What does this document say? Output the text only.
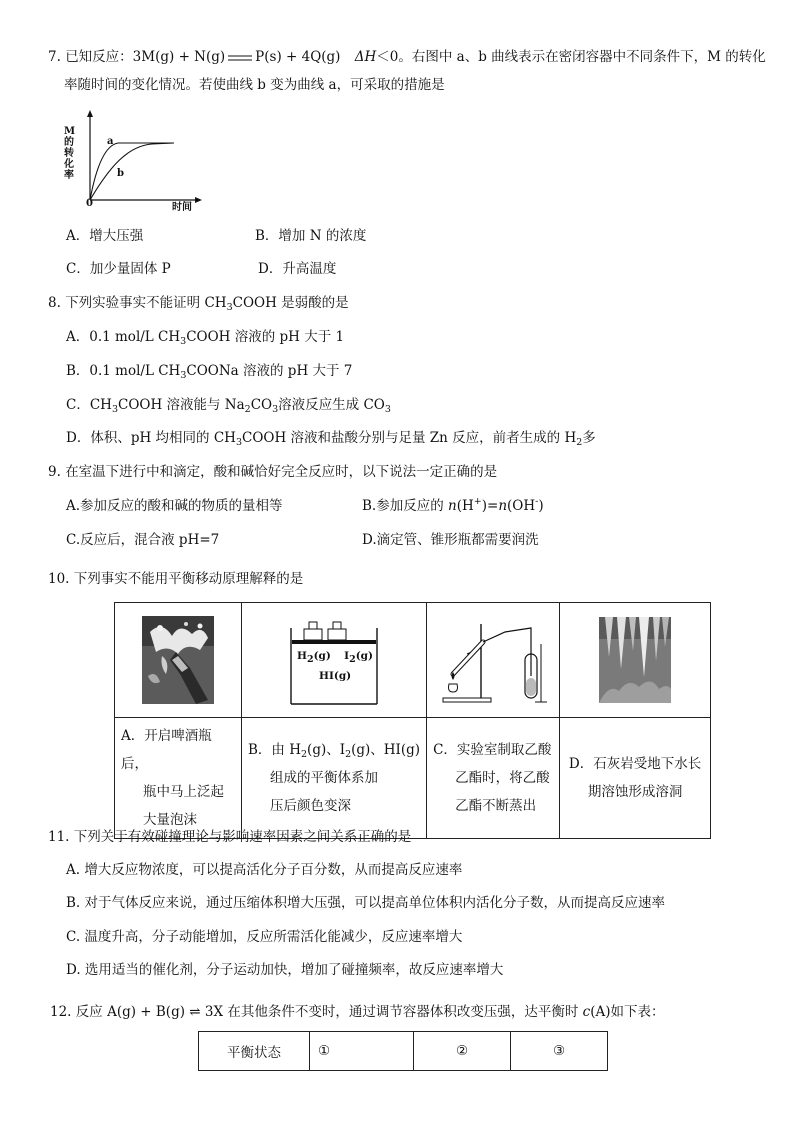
7. 已知反应：3M(g) + N(g) P(s) + 4Q(g) ΔH＜0。右图中 a、b 曲线表示在密闭容器中不同条件下，M 的转化
率随时间的变化情况。若使曲线 b 变为曲线 a，可采取的措施是
M的转化率
0	时间
a
b
A．增大压强	B．增加 N 的浓度
C．加少量固体 P	D．升高温度
8. 下列实验事实不能证明 $CH_3COOH$ 是弱酸的是
A．0.1 mol/L $CH_3COOH$ 溶液的 pH 大于 1
B．0.1 mol/L $CH_3COONa$ 溶液的 pH 大于 7
C．$CH_3COOH$ 溶液能与 $Na_2CO_3$溶液反应生成 $CO_3$
D．体积、pH 均相同的 $CH_3COOH$ 溶液和盐酸分别与足量 Zn 反应，前者生成的 $H_2$多
9. 在室温下进行中和滴定，酸和碱恰好完全反应时，以下说法一定正确的是
A.参加反应的酸和碱的物质的量相等	B.参加反应的 n(H+)=n(OH-)
C.反应后，混合液 pH=7	D.滴定管、锥形瓶都需要润洗
10. 下列事实不能用平衡移动原理解释的是

$H_2(g)$ $I_2(g)$
HI(g)

A．开启啤酒瓶后，
瓶中马上泛起
大量泡沫	B．由 $H_2(g)$、$I_2(g)$、HI(g)
组成的平衡体系加
压后颜色变深	C．实验室制取乙酸
乙酯时，将乙酸
乙酯不断蒸出	D．石灰岩受地下水长
期溶蚀形成溶洞
11. 下列关于有效碰撞理论与影响速率因素之间关系正确的是
A. 增大反应物浓度，可以提高活化分子百分数，从而提高反应速率
B. 对于气体反应来说，通过压缩体积增大压强，可以提高单位体积内活化分子数，从而提高反应速率
C. 温度升高，分子动能增加，反应所需活化能减少，反应速率增大
D. 选用适当的催化剂，分子运动加快，增加了碰撞频率，故反应速率增大
12. 反应 A(g) + B(g) ⇌ 3X 在其他条件不变时，通过调节容器体积改变压强，达平衡时 c(A)如下表：
平衡状态	①	②	③
